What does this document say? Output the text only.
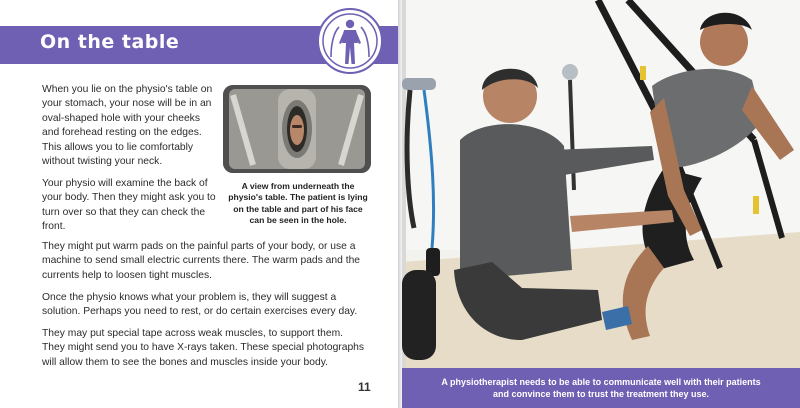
On the table

When you lie on the physio's table on your stomach, your nose will be in an oval-shaped hole with your cheeks and forehead resting on the edges. This allows you to lie comfortably without twisting your neck.

Your physio will examine the back of your body. Then they might ask you to turn over so that they can check the front.

A view from underneath the physio's table. The patient is lying on the table and part of his face can be seen in the hole.

They might put warm pads on the painful parts of your body, or use a machine to send small electric currents there. The warm pads and the currents help to loosen tight muscles.

Once the physio knows what your problem is, they will suggest a solution. Perhaps you need to rest, or do certain exercises every day.

They may put special tape across weak muscles, to support them. They might send you to have X-rays taken. These special photographs will allow them to see the bones and muscles inside your body.

11	A physiotherapist needs to be able to communicate well with their patients
and convince them to trust the treatment they use.
